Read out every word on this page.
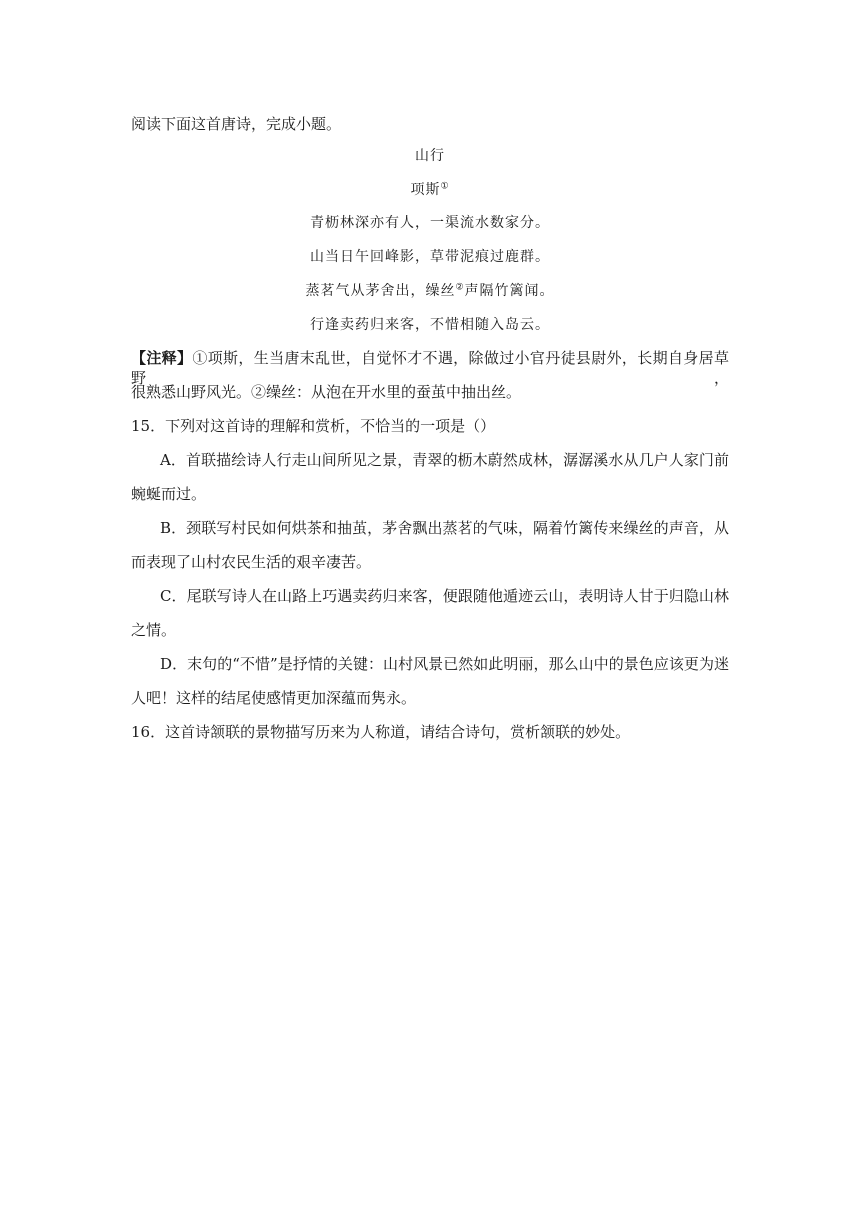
阅读下面这首唐诗，完成小题。
山行
项斯①
青枥林深亦有人，一渠流水数家分。
山当日午回峰影，草带泥痕过鹿群。
蒸茗气从茅舍出，缲丝②声隔竹篱闻。
行逢卖药归来客，不惜相随入岛云。
【注释】①项斯，生当唐末乱世，自觉怀才不遇，除做过小官丹徒县尉外，长期自身居草野，
很熟悉山野风光。②缲丝：从泡在开水里的蚕茧中抽出丝。
15．下列对这首诗的理解和赏析，不恰当的一项是（）
A．首联描绘诗人行走山间所见之景，青翠的枥木蔚然成林，潺潺溪水从几户人家门前
蜿蜒而过。
B．颈联写村民如何烘茶和抽茧，茅舍飘出蒸茗的气味，隔着竹篱传来缲丝的声音，从
而表现了山村农民生活的艰辛凄苦。
C．尾联写诗人在山路上巧遇卖药归来客，便跟随他遁迹云山，表明诗人甘于归隐山林
之情。
D．末句的“不惜”是抒情的关键：山村风景已然如此明丽，那么山中的景色应该更为迷
人吧！这样的结尾使感情更加深蕴而隽永。
16．这首诗颔联的景物描写历来为人称道，请结合诗句，赏析颔联的妙处。
